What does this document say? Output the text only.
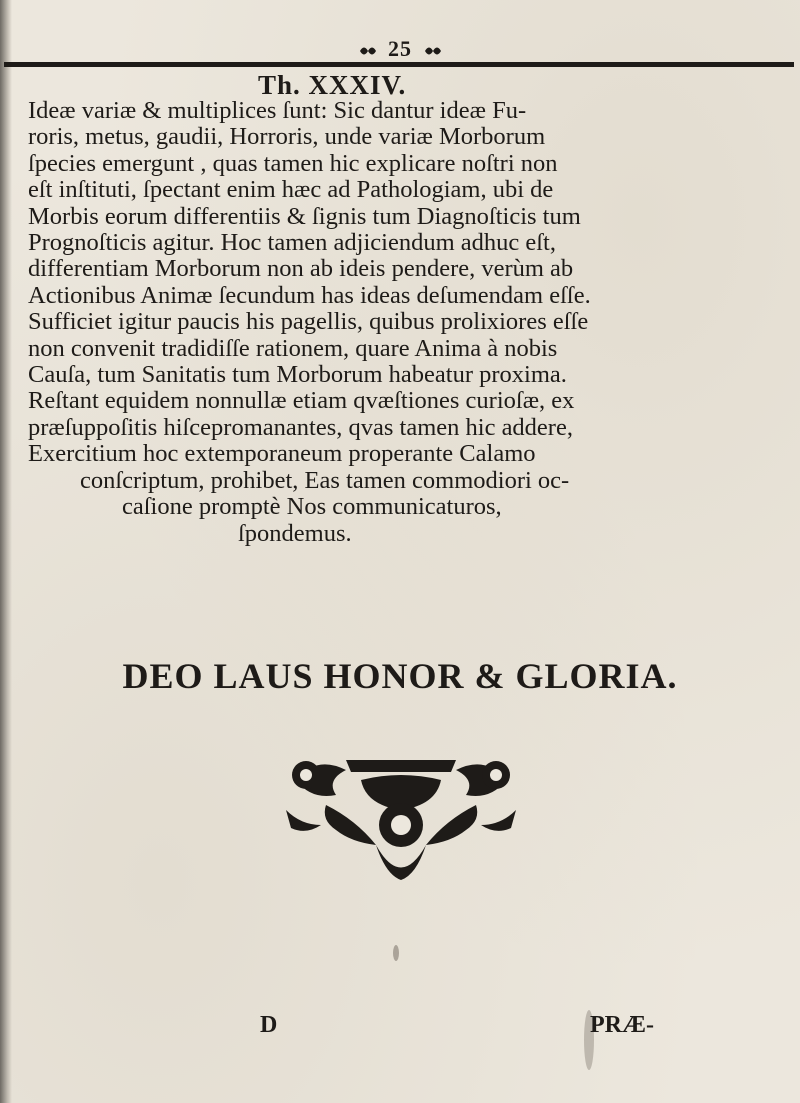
25
Th. XXXIV.
Ideæ variæ & multiplices ſunt: Sic dantur ideæ Fu-
roris, metus, gaudii, Horroris, unde variæ Morborum
ſpecies emergunt , quas tamen hic explicare noſtri non
eſt inſtituti, ſpectant enim hæc ad Pathologiam, ubi de
Morbis eorum differentiis & ſignis tum Diagnoſticis tum
Prognoſticis agitur. Hoc tamen adjiciendum adhuc eſt,
differentiam Morborum non ab ideis pendere, verùm ab
Actionibus Animæ ſecundum has ideas deſumendam eſſe.
Sufficiet igitur paucis his pagellis, quibus prolixiores eſſe
non convenit tradidiſſe rationem, quare Anima à nobis
Cauſa, tum Sanitatis tum Morborum habeatur proxima.
Reſtant equidem nonnullæ etiam qvæſtiones curioſæ, ex
præſuppoſitis hiſcepromanantes, qvas tamen hic addere,
Exercitium hoc extemporaneum properante Calamo
conſcriptum, prohibet, Eas tamen commodiori oc-
caſione promptè Nos communicaturos,
ſpondemus.
DEO LAUS HONOR & GLORIA.
D	PRÆ-
